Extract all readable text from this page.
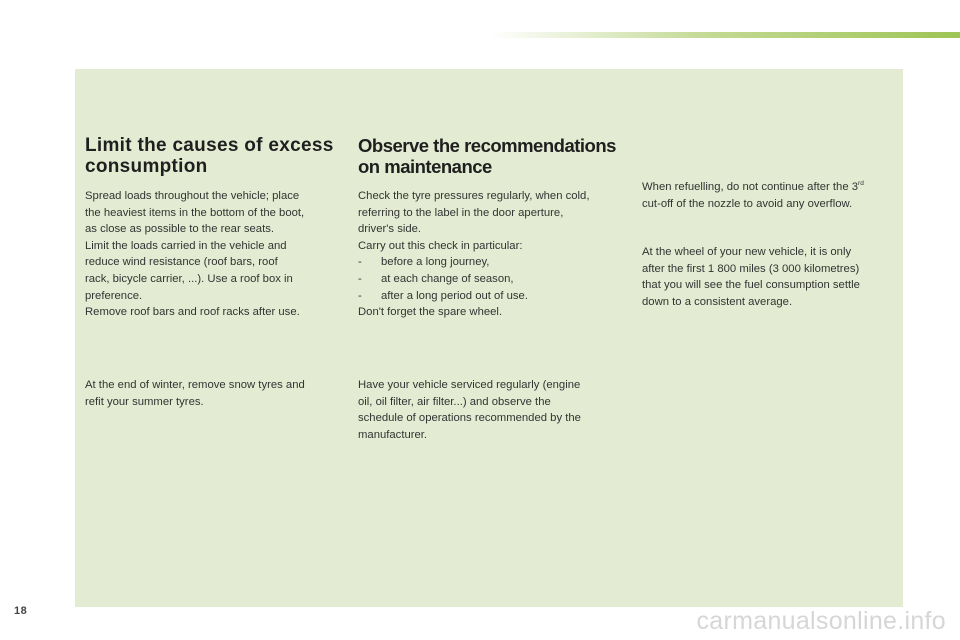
Limit the causes of excess consumption

Spread loads throughout the vehicle; place
the heaviest items in the bottom of the boot,
as close as possible to the rear seats.
Limit the loads carried in the vehicle and
reduce wind resistance (roof bars, roof
rack, bicycle carrier, ...). Use a roof box in
preference.
Remove roof bars and roof racks after use.

At the end of winter, remove snow tyres and
refit your summer tyres.

Observe the recommendations on maintenance

Check the tyre pressures regularly, when cold,
referring to the label in the door aperture,
driver's side.
Carry out this check in particular:

- before a long journey,
- at each change of season,
- after a long period out of use.

Don't forget the spare wheel.

Have your vehicle serviced regularly (engine
oil, oil filter, air filter...) and observe the
schedule of operations recommended by the
manufacturer.

When refuelling, do not continue after the 3rd
cut-off of the nozzle to avoid any overflow.

At the wheel of your new vehicle, it is only
after the first 1 800 miles (3 000 kilometres)
that you will see the fuel consumption settle
down to a consistent average.

18	carmanualsonline.info
